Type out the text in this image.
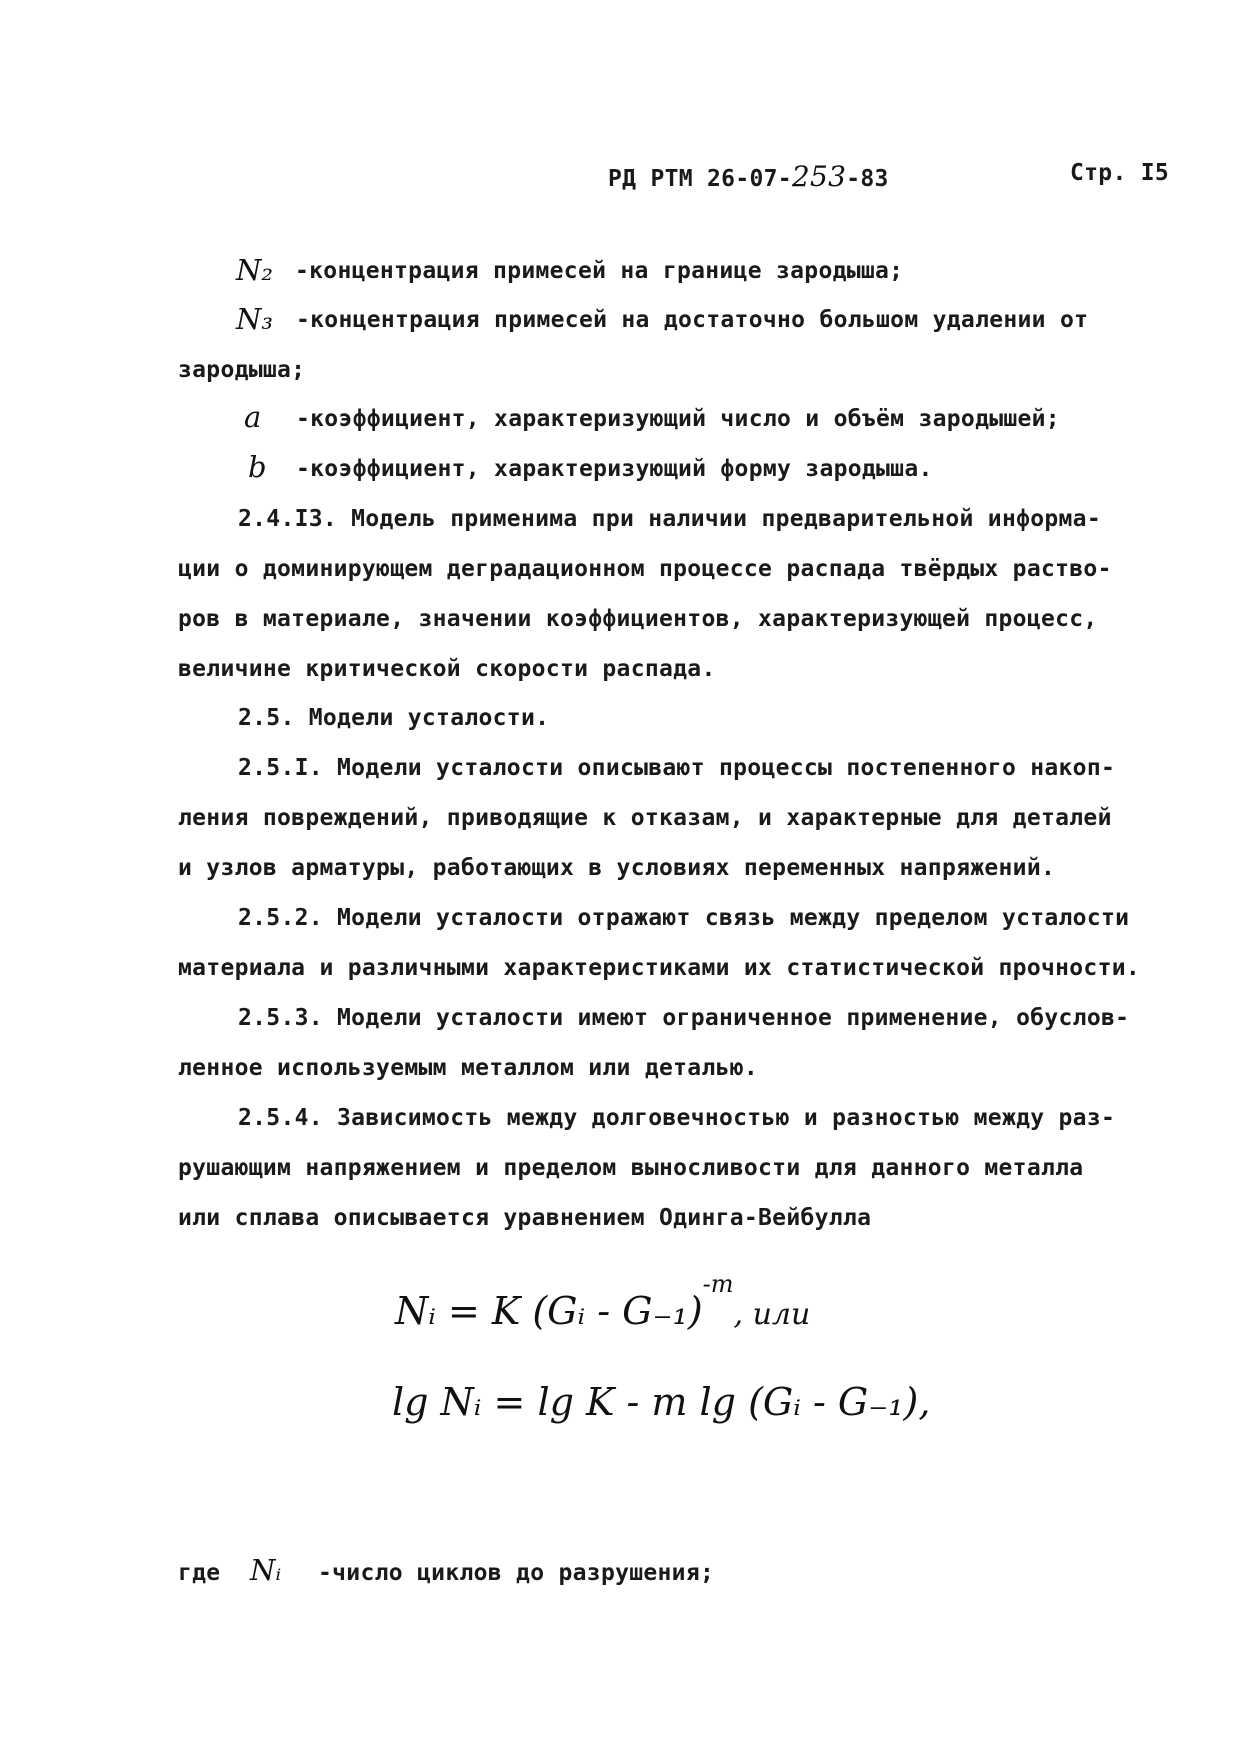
РД РТМ 26-07-253-83	Стр. I5
N₂ -концентрация примесей на границе зародыша;
N₃ -концентрация примесей на достаточно большом удалении от
зародыша;
a -коэффициент, характеризующий число и объём зародышей;
b -коэффициент, характеризующий форму зародыша.
2.4.I3. Модель применима при наличии предварительной информа-
ции о доминирующем деградационном процессе распада твёрдых раство-
ров в материале, значении коэффициентов, характеризующей процесс,
величине критической скорости распада.
2.5. Модели усталости.
2.5.I. Модели усталости описывают процессы постепенного накоп-
ления повреждений, приводящие к отказам, и характерные для деталей
и узлов арматуры, работающих в условиях переменных напряжений.
2.5.2. Модели усталости отражают связь между пределом усталости
материала и различными характеристиками их статистической прочности.
2.5.3. Модели усталости имеют ограниченное применение, обуслов-
ленное используемым металлом или деталью.
2.5.4. Зависимость между долговечностью и разностью между раз-
рушающим напряжением и пределом выносливости для данного металла
или сплава описывается уравнением Одинга-Вейбулла
Nᵢ = K (Gᵢ - G₋₁)$^{-m}$, или
lg Nᵢ = lg K - m lg (Gᵢ - G₋₁),
где Nᵢ -число циклов до разрушения;
